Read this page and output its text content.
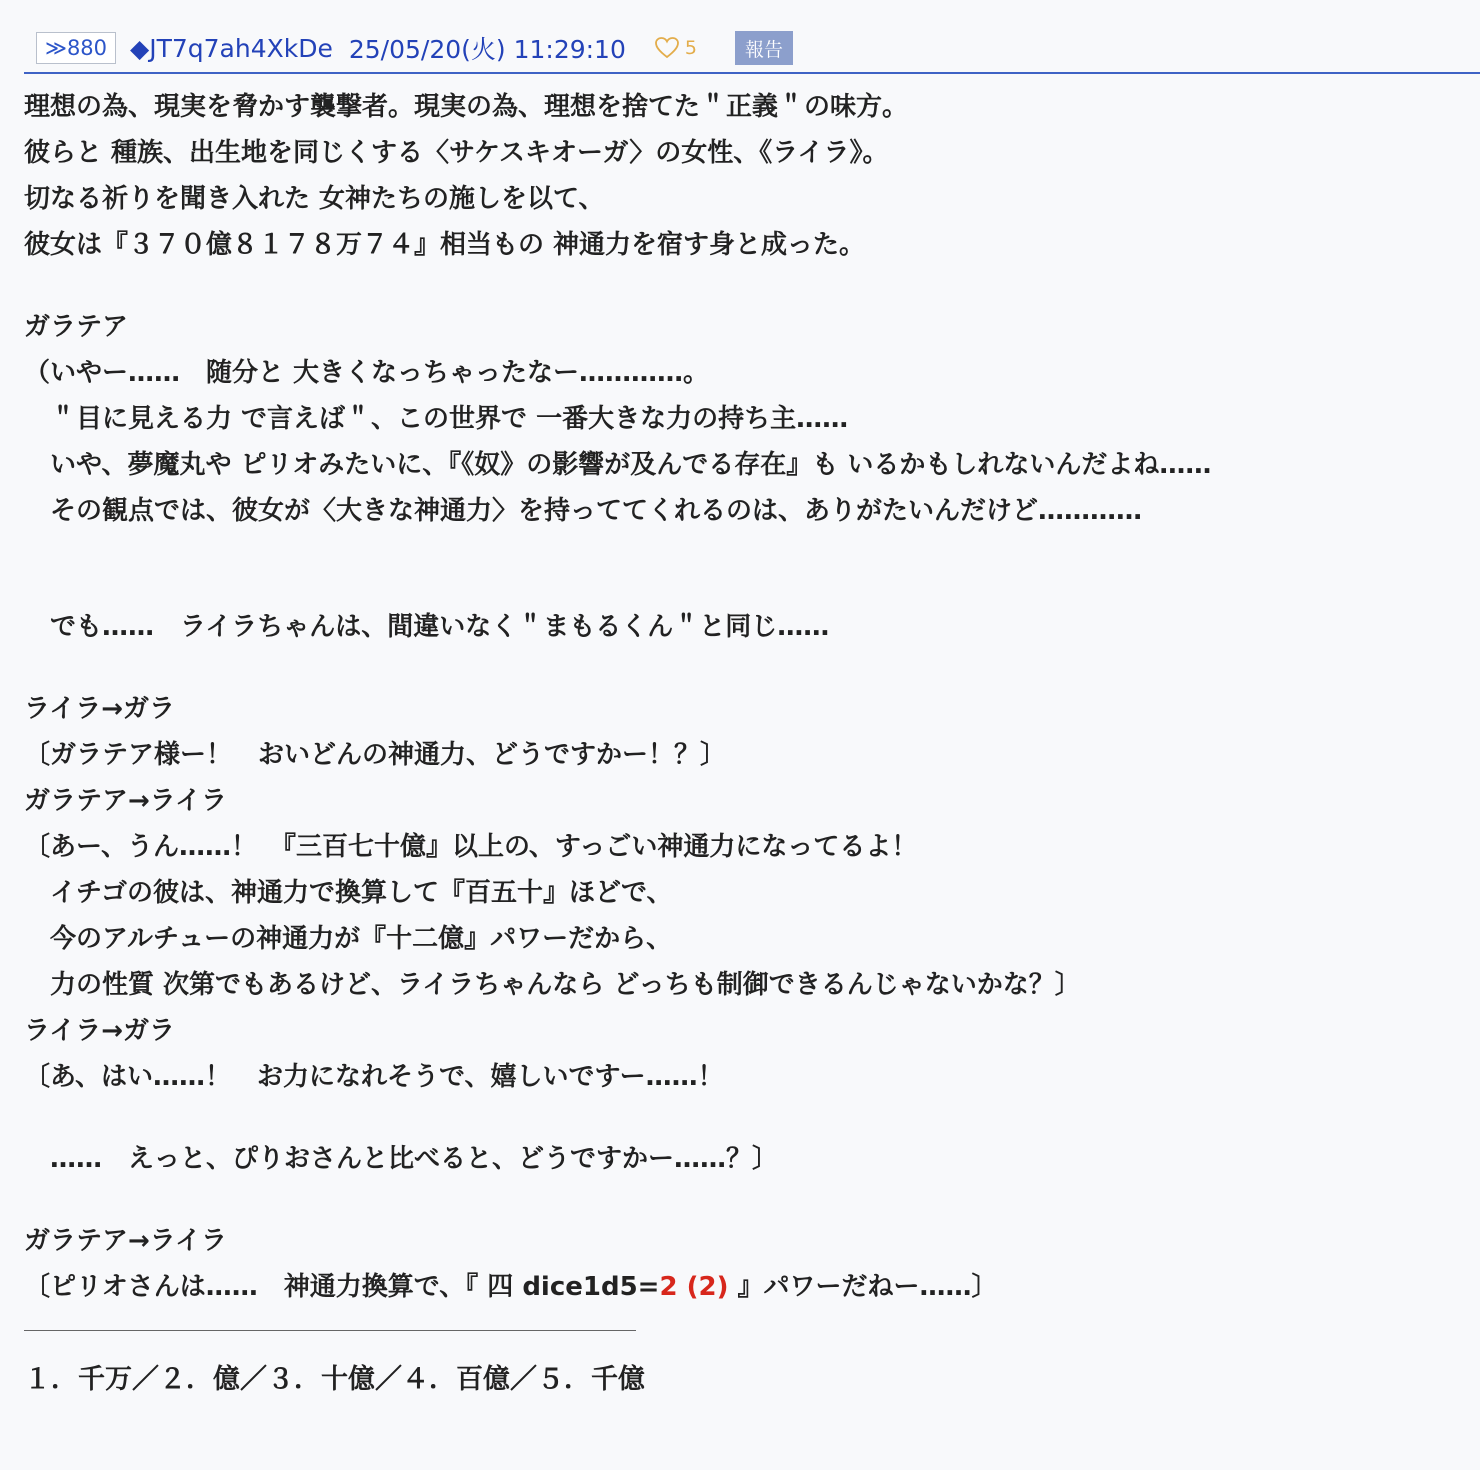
≫880 ◆JT7q7ah4XkDe 25/05/20(火) 11:29:10	5	報告
理想の為、現実を脅かす襲撃者。現実の為、理想を捨てた＂正義＂の味方。
彼らと 種族、出生地を同じくする〈サケスキオーガ〉の女性、《ライラ》。
切なる祈りを聞き入れた 女神たちの施しを以て、
彼女は『３７０億８１７８万７４』相当もの 神通力を宿す身と成った。
ガラテア
（いやー……　随分と 大きくなっちゃったなー…………。
　＂目に見える力 で言えば＂、この世界で 一番大きな力の持ち主……
　いや、夢魔丸や ピリオみたいに、『《奴》の影響が及んでる存在』も いるかもしれないんだよね……
　その観点では、彼女が〈大きな神通力〉を持っててくれるのは、ありがたいんだけど…………
　でも……　ライラちゃんは、間違いなく＂まもるくん＂と同じ……
ライラ→ガラ
〔ガラテア様ー！　おいどんの神通力、どうですかー！？〕
ガラテア→ライラ
〔あー、うん……！　『三百七十億』以上の、すっごい神通力になってるよ！
　イチゴの彼は、神通力で換算して『百五十』ほどで、
　今のアルチューの神通力が『十二億』パワーだから、
　力の性質 次第でもあるけど、ライラちゃんなら どっちも制御できるんじゃないかな？〕
ライラ→ガラ
〔あ、はい……！　お力になれそうで、嬉しいですー……！
　……　えっと、ぴりおさんと比べると、どうですかー……？〕
ガラテア→ライラ
〔ピリオさんは……　神通力換算で、『 四 dice1d5=2 (2) 』パワーだねー……〕
１．千万／２．億／３．十億／４．百億／５．千億
